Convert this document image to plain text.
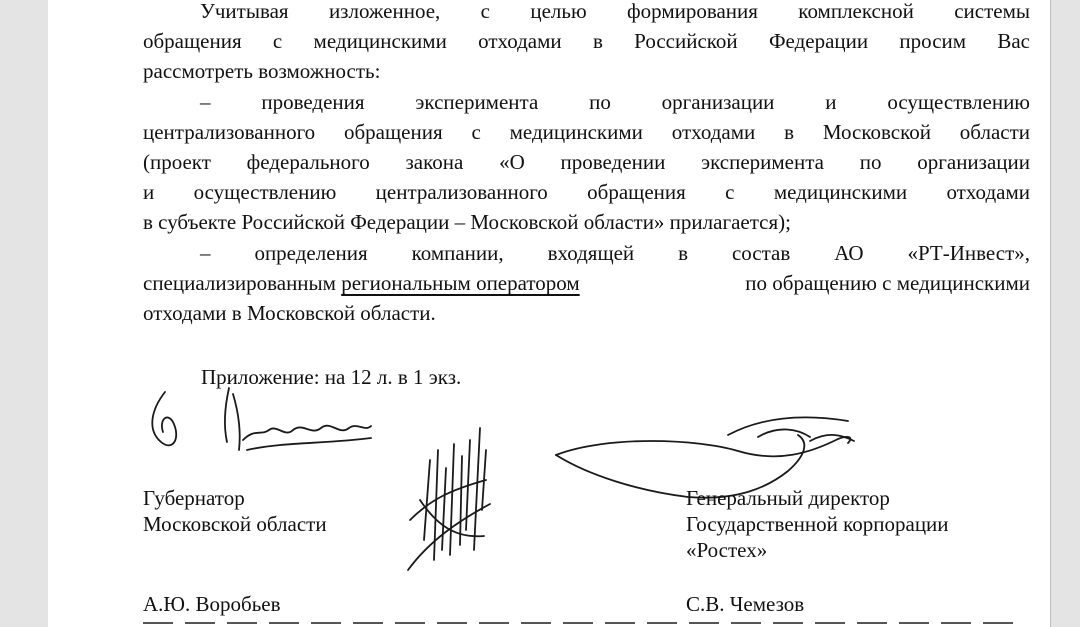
Учитывая изложенное, с целью формирования комплексной системы
обращения с медицинскими отходами в Российской Федерации просим Вас
рассмотреть возможность:
– проведения эксперимента по организации и осуществлению
централизованного обращения с медицинскими отходами в Московской области
(проект федерального закона «О проведении эксперимента по организации
и осуществлению централизованного обращения с медицинскими отходами
в субъекте Российской Федерации – Московской области» прилагается);
– определения компании, входящей в состав АО «РТ-Инвест»,
специализированным региональным оператором	по обращению с медицинскими
отходами в Московской области.
Приложение: на 12 л. в 1 экз.
Губернатор
Московской области
А.Ю. Воробьев
Генеральный директор
Государственной корпорации
«Ростех»
С.В. Чемезов
